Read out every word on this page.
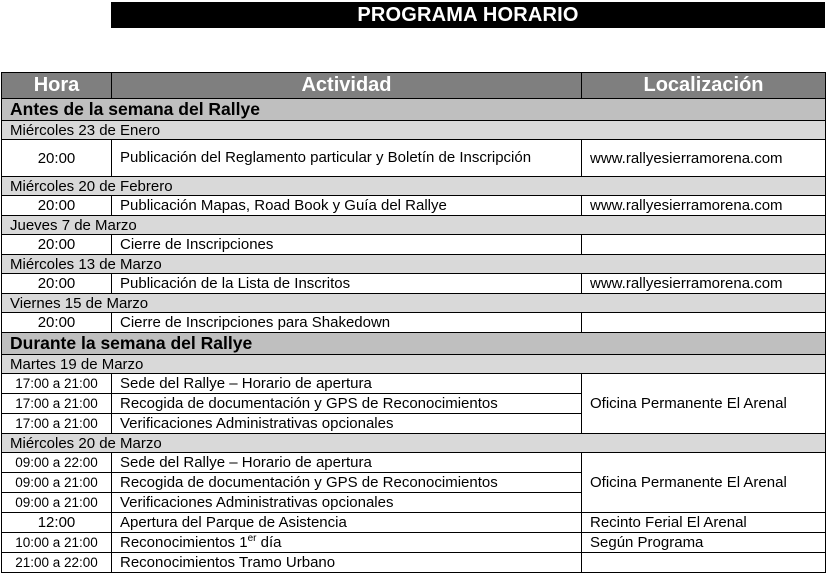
PROGRAMA HORARIO
Hora	Actividad	Localización
Antes de la semana del Rallye		
Miércoles 23 de Enero		
20:00	Publicación del Reglamento particular y Boletín de Inscripción	www.rallyesierramorena.com
Miércoles 20 de Febrero		
20:00	Publicación Mapas, Road Book y Guía del Rallye	www.rallyesierramorena.com
Jueves 7 de Marzo		
20:00	Cierre de Inscripciones	
Miércoles 13 de Marzo		
20:00	Publicación de la Lista de Inscritos	www.rallyesierramorena.com
Viernes 15 de Marzo		
20:00	Cierre de Inscripciones para Shakedown	
Durante la semana del Rallye		
Martes 19 de Marzo		
17:00 a 21:00	Sede del Rallye – Horario de apertura	Oficina Permanente El Arenal
17:00 a 21:00	Recogida de documentación y GPS de Reconocimientos	
17:00 a 21:00	Verificaciones Administrativas opcionales	
Miércoles 20 de Marzo		
09:00 a 22:00	Sede del Rallye – Horario de apertura	Oficina Permanente El Arenal
09:00 a 21:00	Recogida de documentación y GPS de Reconocimientos	
09:00 a 21:00	Verificaciones Administrativas opcionales	
12:00	Apertura del Parque de Asistencia	Recinto Ferial El Arenal
10:00 a 21:00	Reconocimientos 1er día	Según Programa
21:00 a 22:00	Reconocimientos Tramo Urbano	
